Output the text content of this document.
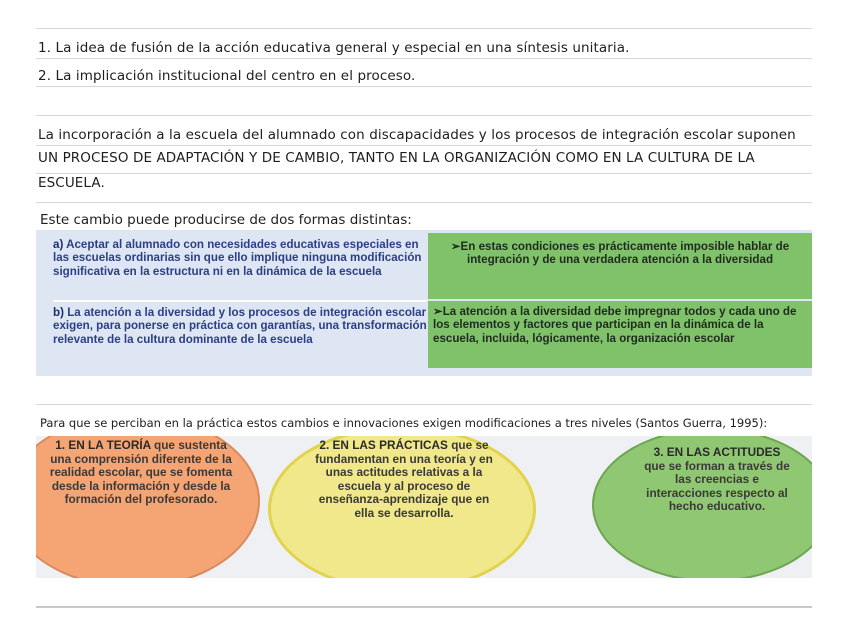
1. La idea de fusión de la acción educativa general y especial en una síntesis unitaria.
2. La implicación institucional del centro en el proceso.
La incorporación a la escuela del alumnado con discapacidades y los procesos de integración escolar suponen
UN PROCESO DE ADAPTACIÓN Y DE CAMBIO, TANTO EN LA ORGANIZACIÓN COMO EN LA CULTURA DE LA
ESCUELA.
Este cambio puede producirse de dos formas distintas:
a) Aceptar al alumnado con necesidades educativas especiales en las escuelas ordinarias sin que ello implique ninguna modificación significativa en la estructura ni en la dinámica de la escuela
➢En estas condiciones es prácticamente imposible hablar de integración y de una verdadera atención a la diversidad
b) La atención a la diversidad y los procesos de integración escolar exigen, para ponerse en práctica con garantías, una transformación relevante de la cultura dominante de la escuela
➢La atención a la diversidad debe impregnar todos y cada uno de los elementos y factores que participan en la dinámica de la escuela, incluida, lógicamente, la organización escolar
Para que se perciban en la práctica estos cambios e innovaciones exigen modificaciones a tres niveles (Santos Guerra, 1995):
1. EN LA TEORÍA que sustenta una comprensión diferente de la realidad escolar, que se fomenta desde la información y desde la formación del profesorado.
2. EN LAS PRÁCTICAS que se fundamentan en una teoría y en unas actitudes relativas a la escuela y al proceso de enseñanza-aprendizaje que en ella se desarrolla.
3. EN LAS ACTITUDES que se forman a través de las creencias e interacciones respecto al hecho educativo.
